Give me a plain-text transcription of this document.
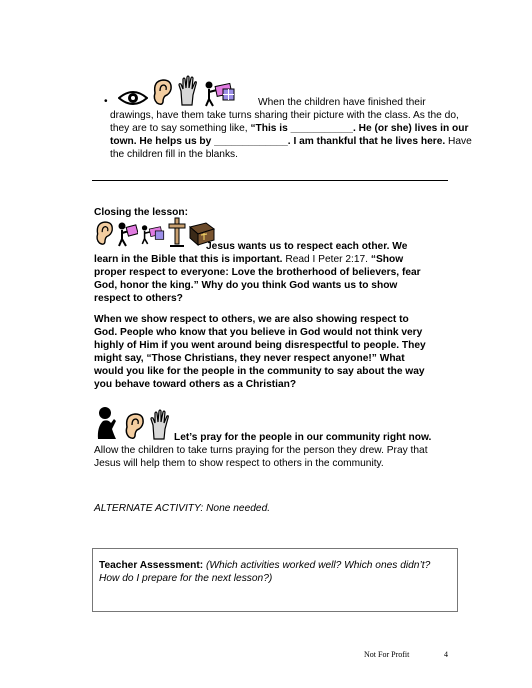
•	When the children have finished their drawings, have them take turns sharing their picture with the class. As the do, they are to say something like, “This is ___________. He (or she) lives in our town. He helps us by _____________. I am thankful that he lives here. Have the children fill in the blanks.
Closing the lesson:
Jesus wants us to respect each other. We learn in the Bible that this is important. Read I Peter 2:17. “Show proper respect to everyone: Love the brotherhood of believers, fear God, honor the king.” Why do you think God wants us to show respect to others?
When we show respect to others, we are also showing respect to God. People who know that you believe in God would not think very highly of Him if you went around being disrespectful to people. They might say, “Those Christians, they never respect anyone!” What would you like for the people in the community to say about the way you behave toward others as a Christian?
Let’s pray for the people in our community right now. Allow the children to take turns praying for the person they drew. Pray that Jesus will help them to show respect to others in the community.
ALTERNATE ACTIVITY: None needed.
Teacher Assessment: (Which activities worked well? Which ones didn’t? How do I prepare for the next lesson?)
Not For Profit	4
